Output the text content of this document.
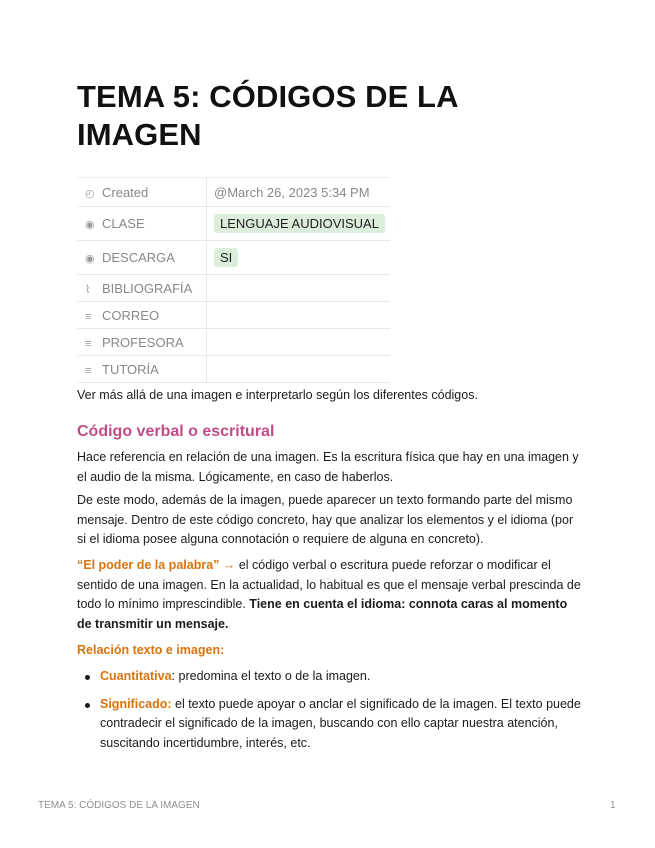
TEMA 5: CÓDIGOS DE LA IMAGEN
◴ Created	@March 26, 2023 5:34 PM
◉ CLASE	LENGUAJE AUDIOVISUAL
◉ DESCARGA	SI
⌇ BIBLIOGRAFÍA	
≡ CORREO	
≡ PROFESORA	
≡ TUTORÍA	

Ver más allá de una imagen e interpretarlo según los diferentes códigos.

Código verbal o escritural

Hace referencia en relación de una imagen. Es la escritura física que hay en una imagen y el audio de la misma. Lógicamente, en caso de haberlos.

De este modo, además de la imagen, puede aparecer un texto formando parte del mismo mensaje. Dentro de este código concreto, hay que analizar los elementos y el idioma (por si el idioma posee alguna connotación o requiere de alguna en concreto).

“El poder de la palabra” → el código verbal o escritura puede reforzar o modificar el sentido de una imagen. En la actualidad, lo habitual es que el mensaje verbal prescinda de todo lo mínimo imprescindible. Tiene en cuenta el idioma: connota caras al momento de transmitir un mensaje.

Relación texto e imagen:

Cuantitativa: predomina el texto o de la imagen.
Significado: el texto puede apoyar o anclar el significado de la imagen. El texto puede contradecir el significado de la imagen, buscando con ello captar nuestra atención, suscitando incertidumbre, interés, etc.
TEMA 5: CÓDIGOS DE LA IMAGEN	1
